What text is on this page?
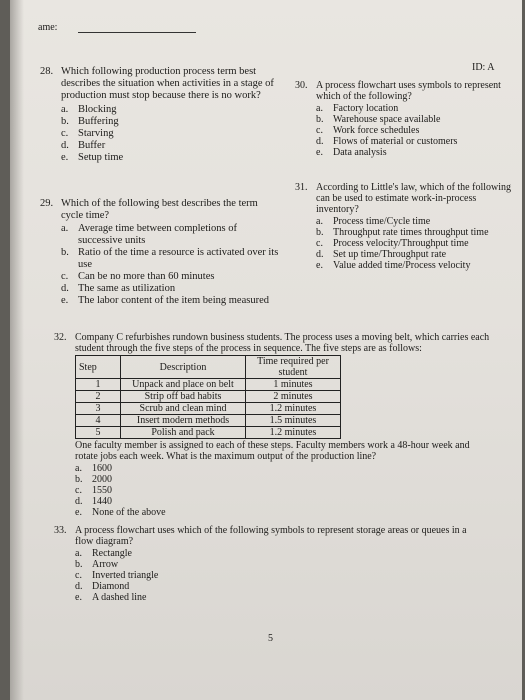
ame:
ID: A
28. Which following production process term best describes the situation when activities in a stage of production must stop because there is no work?
a. Blocking
b. Buffering
c. Starving
d. Buffer
e. Setup time
29. Which of the following best describes the term cycle time?
a. Average time between completions of successive units
b. Ratio of the time a resource is activated over its use
c. Can be no more than 60 minutes
d. The same as utilization
e. The labor content of the item being measured
30. A process flowchart uses symbols to represent which of the following?
a. Factory location
b. Warehouse space available
c. Work force schedules
d. Flows of material or customers
e. Data analysis
31. According to Little's law, which of the following can be used to estimate work-in-process inventory?
a. Process time/Cycle time
b. Throughput rate times throughput time
c. Process velocity/Throughput time
d. Set up time/Throughput rate
e. Value added time/Process velocity
32. Company C refurbishes rundown business students. The process uses a moving belt, which carries each student through the five steps of the process in sequence. The five steps are as follows:
Step	Description	Time required per student
1	Unpack and place on belt	1 minutes
2	Strip off bad habits	2 minutes
3	Scrub and clean mind	1.2 minutes
4	Insert modern methods	1.5 minutes
5	Polish and pack	1.2 minutes
One faculty member is assigned to each of these steps. Faculty members work a 48-hour week and rotate jobs each week. What is the maximum output of the production line?
a. 1600
b. 2000
c. 1550
d. 1440
e. None of the above
33. A process flowchart uses which of the following symbols to represent storage areas or queues in a flow diagram?
a. Rectangle
b. Arrow
c. Inverted triangle
d. Diamond
e. A dashed line
5
